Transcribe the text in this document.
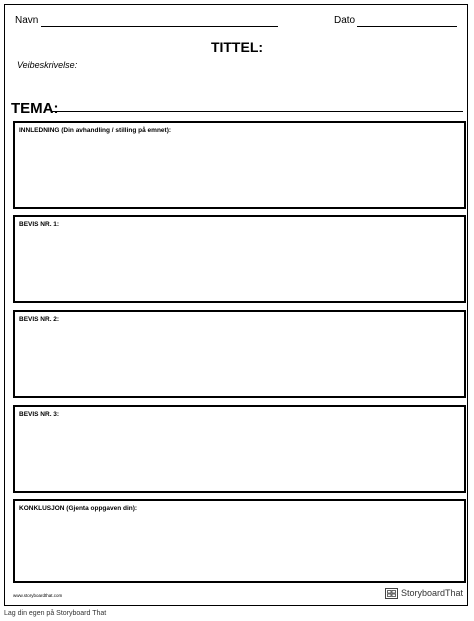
Navn	Dato
TITTEL:
Veibeskrivelse:
TEMA:
INNLEDNING (Din avhandling / stilling på emnet):
BEVIS NR. 1:
BEVIS NR. 2:
BEVIS NR. 3:
KONKLUSJON (Gjenta oppgaven din):
www.storyboardthat.com	StoryboardThat
Lag din egen på Storyboard That
